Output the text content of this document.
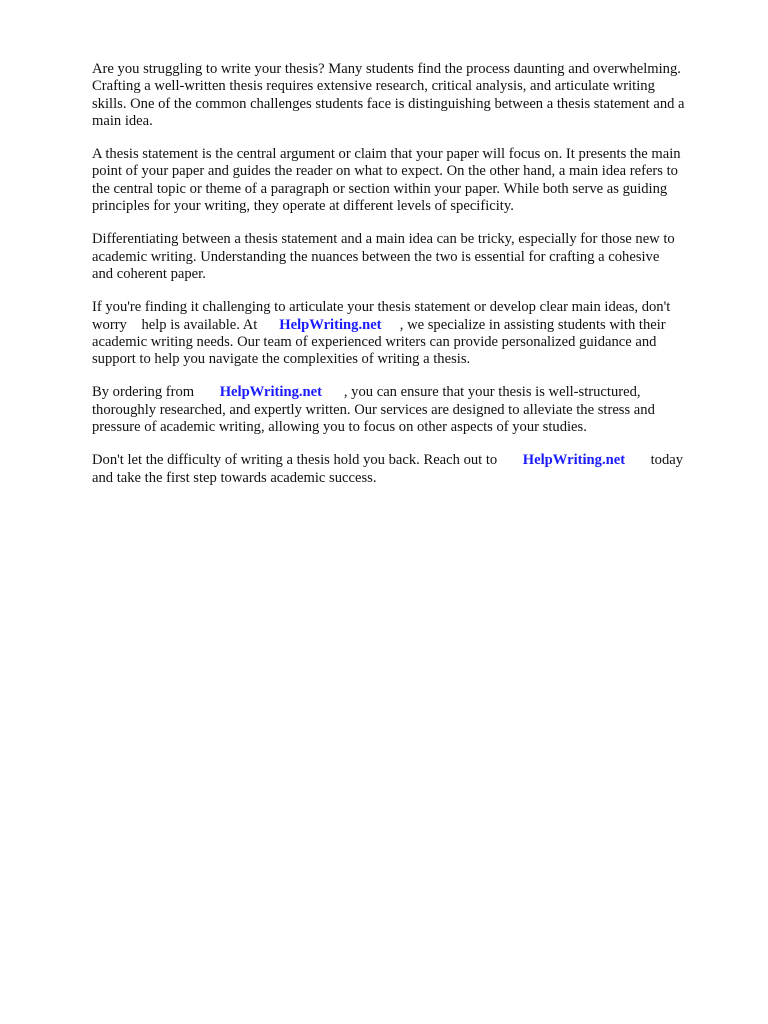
Are you struggling to write your thesis? Many students find the process daunting and overwhelming.
Crafting a well-written thesis requires extensive research, critical analysis, and articulate writing
skills. One of the common challenges students face is distinguishing between a thesis statement and a
main idea.

A thesis statement is the central argument or claim that your paper will focus on. It presents the main
point of your paper and guides the reader on what to expect. On the other hand, a main idea refers to
the central topic or theme of a paragraph or section within your paper. While both serve as guiding
principles for your writing, they operate at different levels of specificity.

Differentiating between a thesis statement and a main idea can be tricky, especially for those new to
academic writing. Understanding the nuances between the two is essential for crafting a cohesive
and coherent paper.

If you're finding it challenging to articulate your thesis statement or develop clear main ideas, don't
worry    help is available. At      HelpWriting.net     , we specialize in assisting students with their
academic writing needs. Our team of experienced writers can provide personalized guidance and
support to help you navigate the complexities of writing a thesis.

By ordering from       HelpWriting.net      , you can ensure that your thesis is well-structured,
thoroughly researched, and expertly written. Our services are designed to alleviate the stress and
pressure of academic writing, allowing you to focus on other aspects of your studies.

Don't let the difficulty of writing a thesis hold you back. Reach out to       HelpWriting.net       today
and take the first step towards academic success.
